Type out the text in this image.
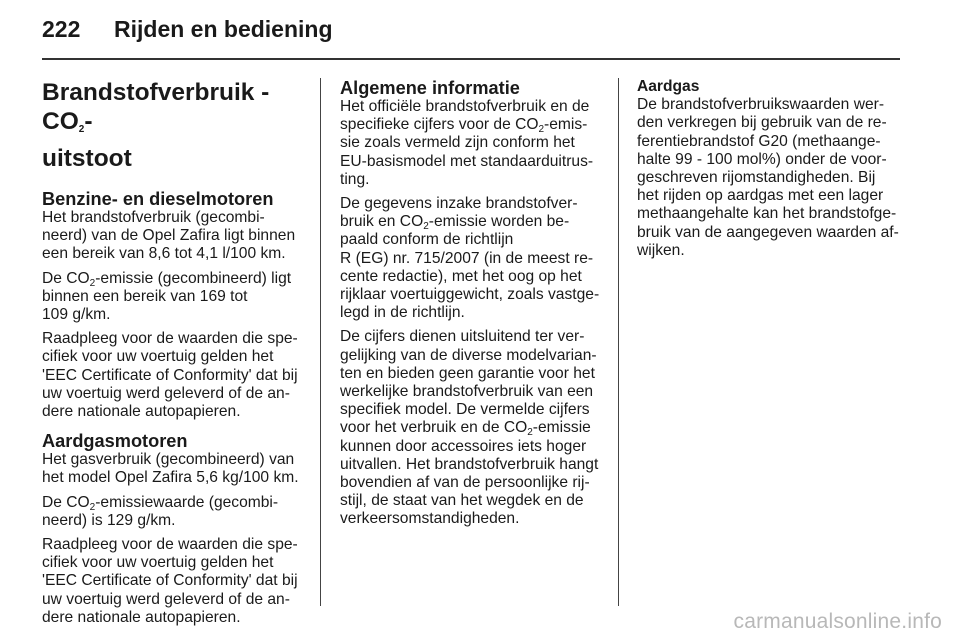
222	Rijden en bediening
Brandstofverbruik - $CO_2-$
uitstoot
Benzine- en dieselmotoren

Het brandstofverbruik (gecombi-
neerd) van de Opel Zafira ligt binnen
een bereik van 8,6 tot 4,1 l/100 km.

De $CO_2$-emissie (gecombineerd) ligt
binnen een bereik van 169 tot
109 g/km.

Raadpleeg voor de waarden die spe-
cifiek voor uw voertuig gelden het
'EEC Certificate of Conformity' dat bij
uw voertuig werd geleverd of de an-
dere nationale autopapieren.

Aardgasmotoren

Het gasverbruik (gecombineerd) van
het model Opel Zafira 5,6 kg/100 km.

De $CO_2$-emissiewaarde (gecombi-
neerd) is 129 g/km.

Raadpleeg voor de waarden die spe-
cifiek voor uw voertuig gelden het
'EEC Certificate of Conformity' dat bij
uw voertuig werd geleverd of de an-
dere nationale autopapieren.

Algemene informatie

Het officiële brandstofverbruik en de
specifieke cijfers voor de $CO_2-emis-$
sie zoals vermeld zijn conform het
EU-basismodel met standaarduitrus-
ting.

De gegevens inzake brandstofver-
bruik en $CO_2$-emissie worden be-
paald conform de richtlijn
R (EG) nr. 715/2007 (in de meest re-
cente redactie), met het oog op het
rijklaar voertuiggewicht, zoals vastge-
legd in de richtlijn.

De cijfers dienen uitsluitend ter ver-
gelijking van de diverse modelvarian-
ten en bieden geen garantie voor het
werkelijke brandstofverbruik van een
specifiek model. De vermelde cijfers
voor het verbruik en de $CO_2$-emissie
kunnen door accessoires iets hoger
uitvallen. Het brandstofverbruik hangt
bovendien af van de persoonlijke rij-
stijl, de staat van het wegdek en de
verkeersomstandigheden.

Aardgas

De brandstofverbruikswaarden wer-
den verkregen bij gebruik van de re-
ferentiebrandstof G20 (methaange-
halte 99 - 100 mol%) onder de voor-
geschreven rijomstandigheden. Bij
het rijden op aardgas met een lager
methaangehalte kan het brandstofge-
bruik van de aangegeven waarden af-
wijken.

carmanualsonline.info
